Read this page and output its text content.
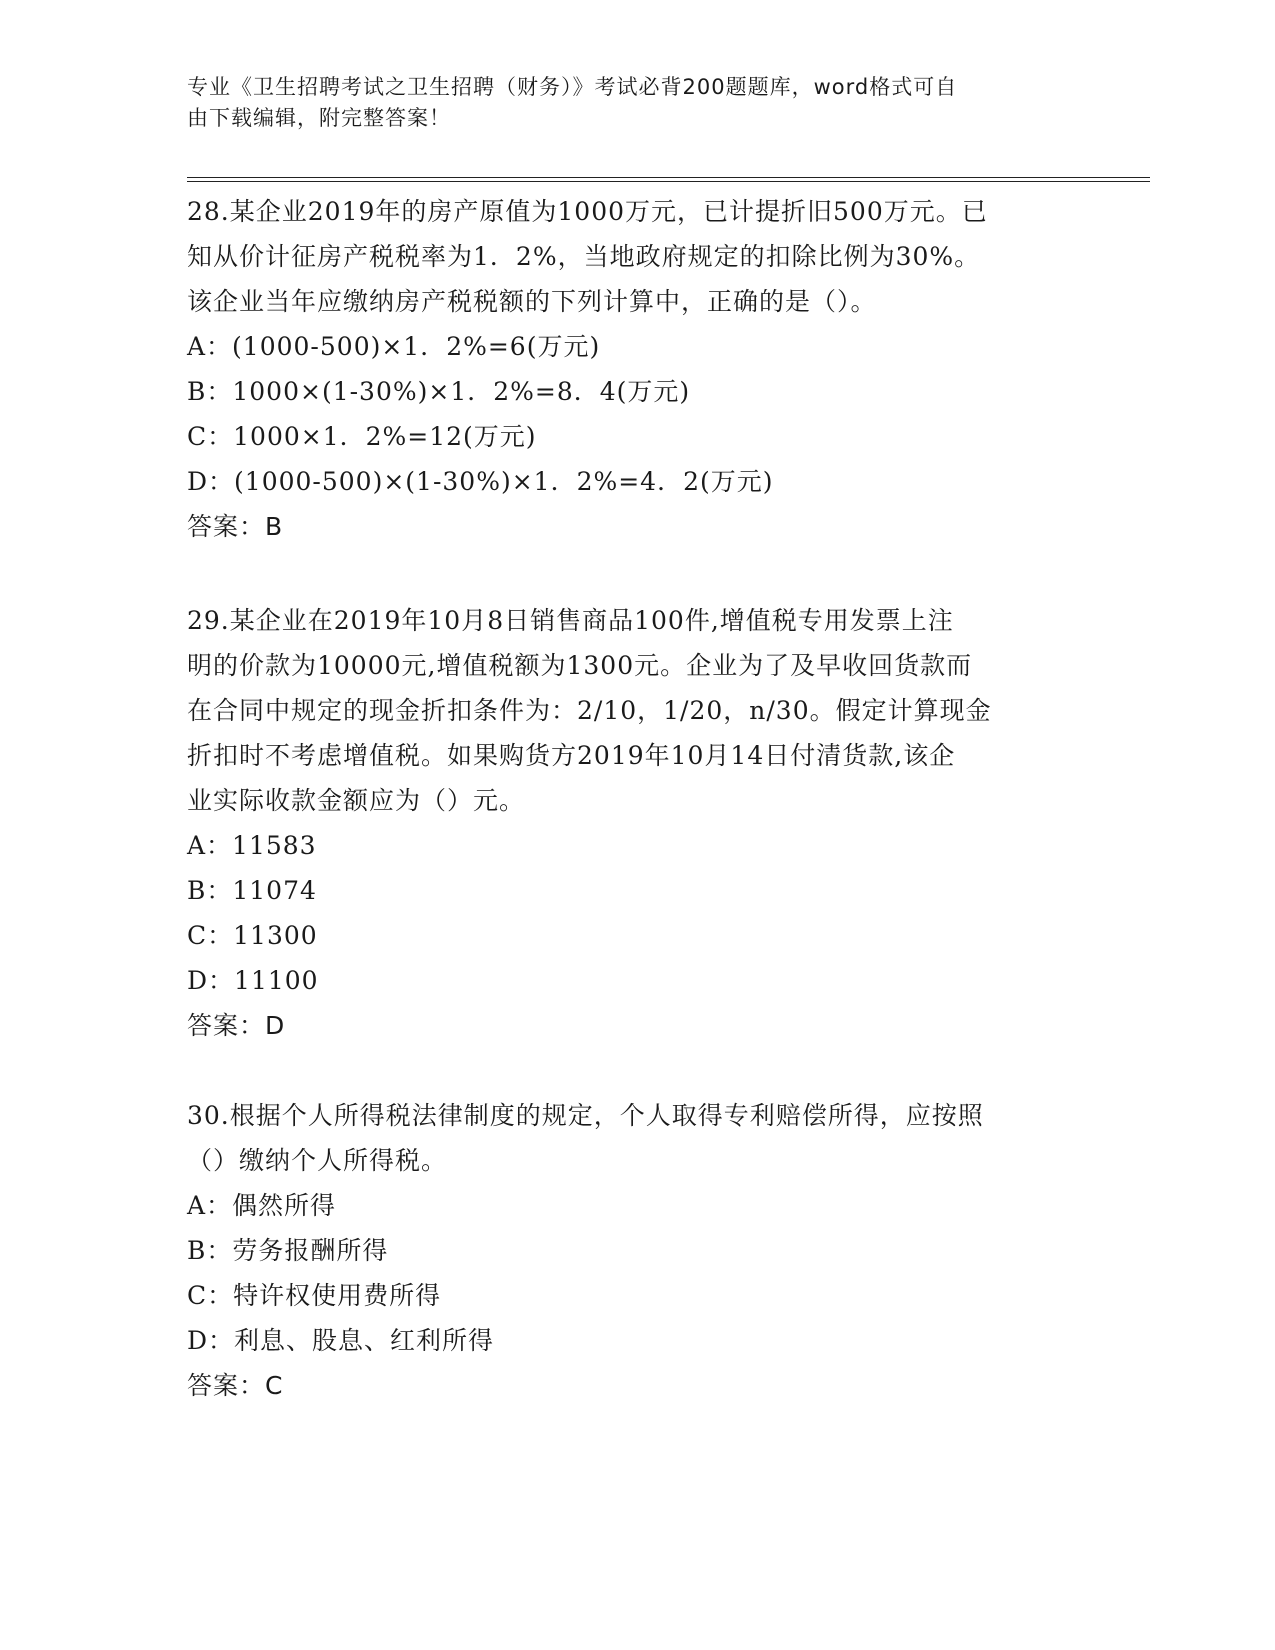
专业《卫生招聘考试之卫生招聘（财务）》考试必背200题题库，word格式可自
由下载编辑，附完整答案！

28.某企业2019年的房产原值为1000万元，已计提折旧500万元。已

知从价计征房产税税率为1．2%，当地政府规定的扣除比例为30%。

该企业当年应缴纳房产税税额的下列计算中，正确的是（）。

A：(1000-500)×1．2%=6(万元)

B：1000×(1-30%)×1．2%=8．4(万元)

C：1000×1．2%=12(万元)

D：(1000-500)×(1-30%)×1．2%=4．2(万元)

答案：B

29.某企业在2019年10月8日销售商品100件,增值税专用发票上注

明的价款为10000元,增值税额为1300元。企业为了及早收回货款而

在合同中规定的现金折扣条件为：2/10，1/20，n/30。假定计算现金

折扣时不考虑增值税。如果购货方2019年10月14日付清货款,该企

业实际收款金额应为（）元。

A：11583

B：11074

C：11300

D：11100

答案：D

30.根据个人所得税法律制度的规定，个人取得专利赔偿所得，应按照

（）缴纳个人所得税。

A：偶然所得

B：劳务报酬所得

C：特许权使用费所得

D：利息、股息、红利所得

答案：C
